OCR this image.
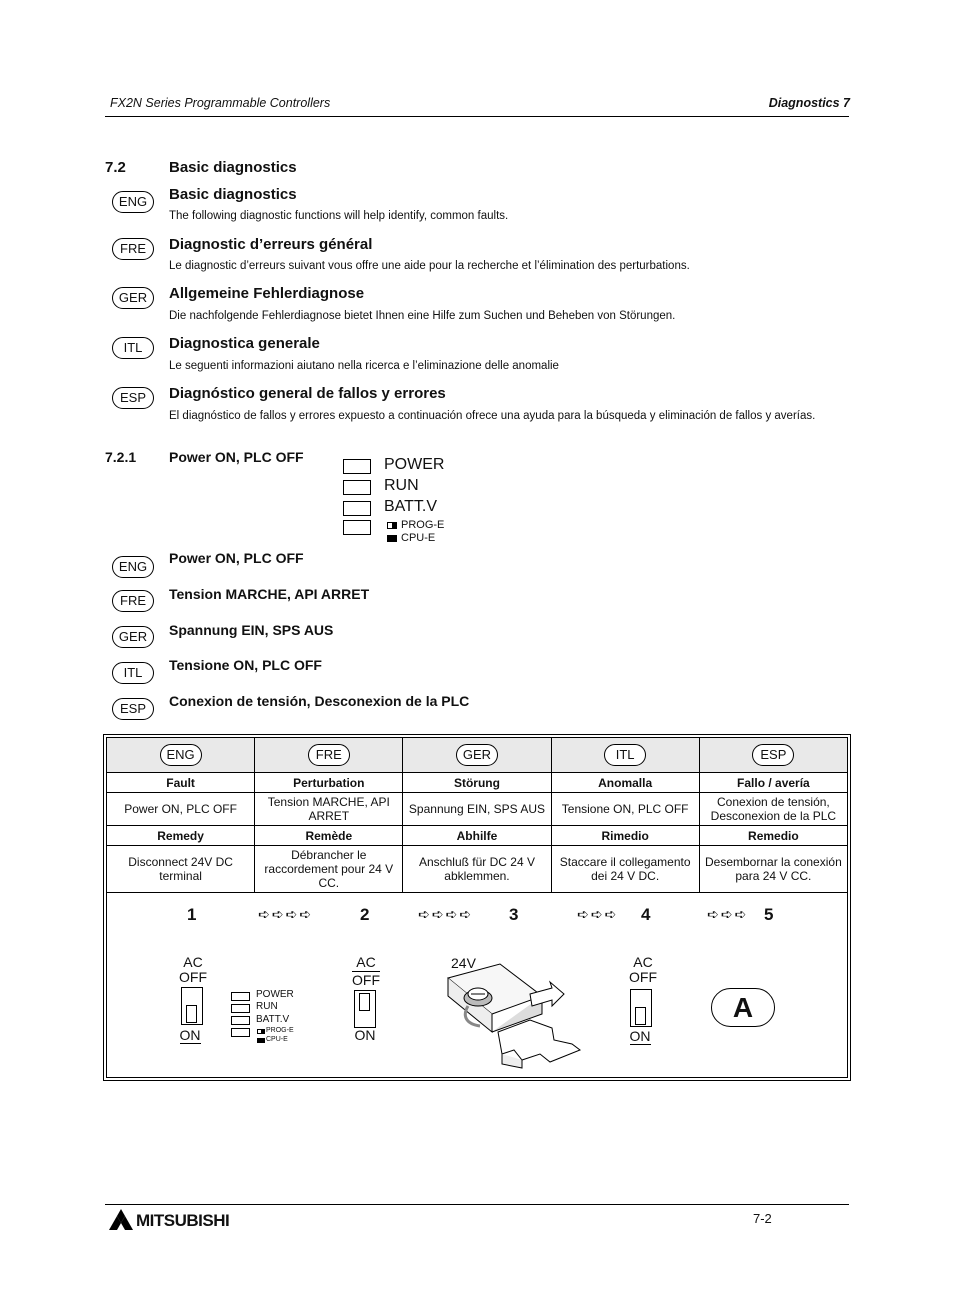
FX2N Series Programmable Controllers	Diagnostics 7
7.2	Basic diagnostics
ENG	Basic diagnostics
The following diagnostic functions will help identify, common faults.
FRE	Diagnostic d’erreurs général
Le diagnostic d’erreurs suivant vous offre une aide pour la recherche et l’élimination des perturbations.
GER	Allgemeine Fehlerdiagnose
Die nachfolgende Fehlerdiagnose bietet Ihnen eine Hilfe zum Suchen und Beheben von Störungen.
ITL	Diagnostica generale
Le seguenti informazioni aiutano nella ricerca e l’eliminazione delle anomalie
ESP	Diagnóstico general de fallos y errores
El diagnóstico de fallos y errores expuesto a continuación ofrece una ayuda para la búsqueda y eliminación de fallos y averías.
7.2.1 Power ON, PLC OFF	POWER
RUN
BATT.V
PROG-E
CPU-E
ENG
Power ON, PLC OFF
FRE	Tension MARCHE, API ARRET
GER	Spannung EIN, SPS AUS
ITL	Tensione ON, PLC OFF
ESP	Conexion de tensión, Desconexion de la PLC
ENG	FRE	GER	ITL	ESP
Fault	Perturbation	Störung	Anomalla	Fallo / avería
Power ON, PLC OFF	Tension MARCHE, API ARRET	Spannung EIN, SPS AUS	Tensione ON, PLC OFF	Conexion de tensión, Desconexion de la PLC
Remedy	Remède	Abhilfe	Rimedio	Remedio
Disconnect 24V DC terminal	Débrancher le raccordement pour 24 V CC.	Anschluß für DC 24 V abklemmen.	Staccare il collegamento dei 24 V DC.	Desembornar la conexión para 24 V CC.
1	➪➪➪➪	2	➪➪➪➪ 3	➪➪➪ 4	➪➪➪ 5
AC
OFF
ON
POWER
RUN
BATT.V
PROG-E
CPU-E
AC
OFF
ON
24V	AC
OFF
ON
A
MITSUBISHI	7-2
